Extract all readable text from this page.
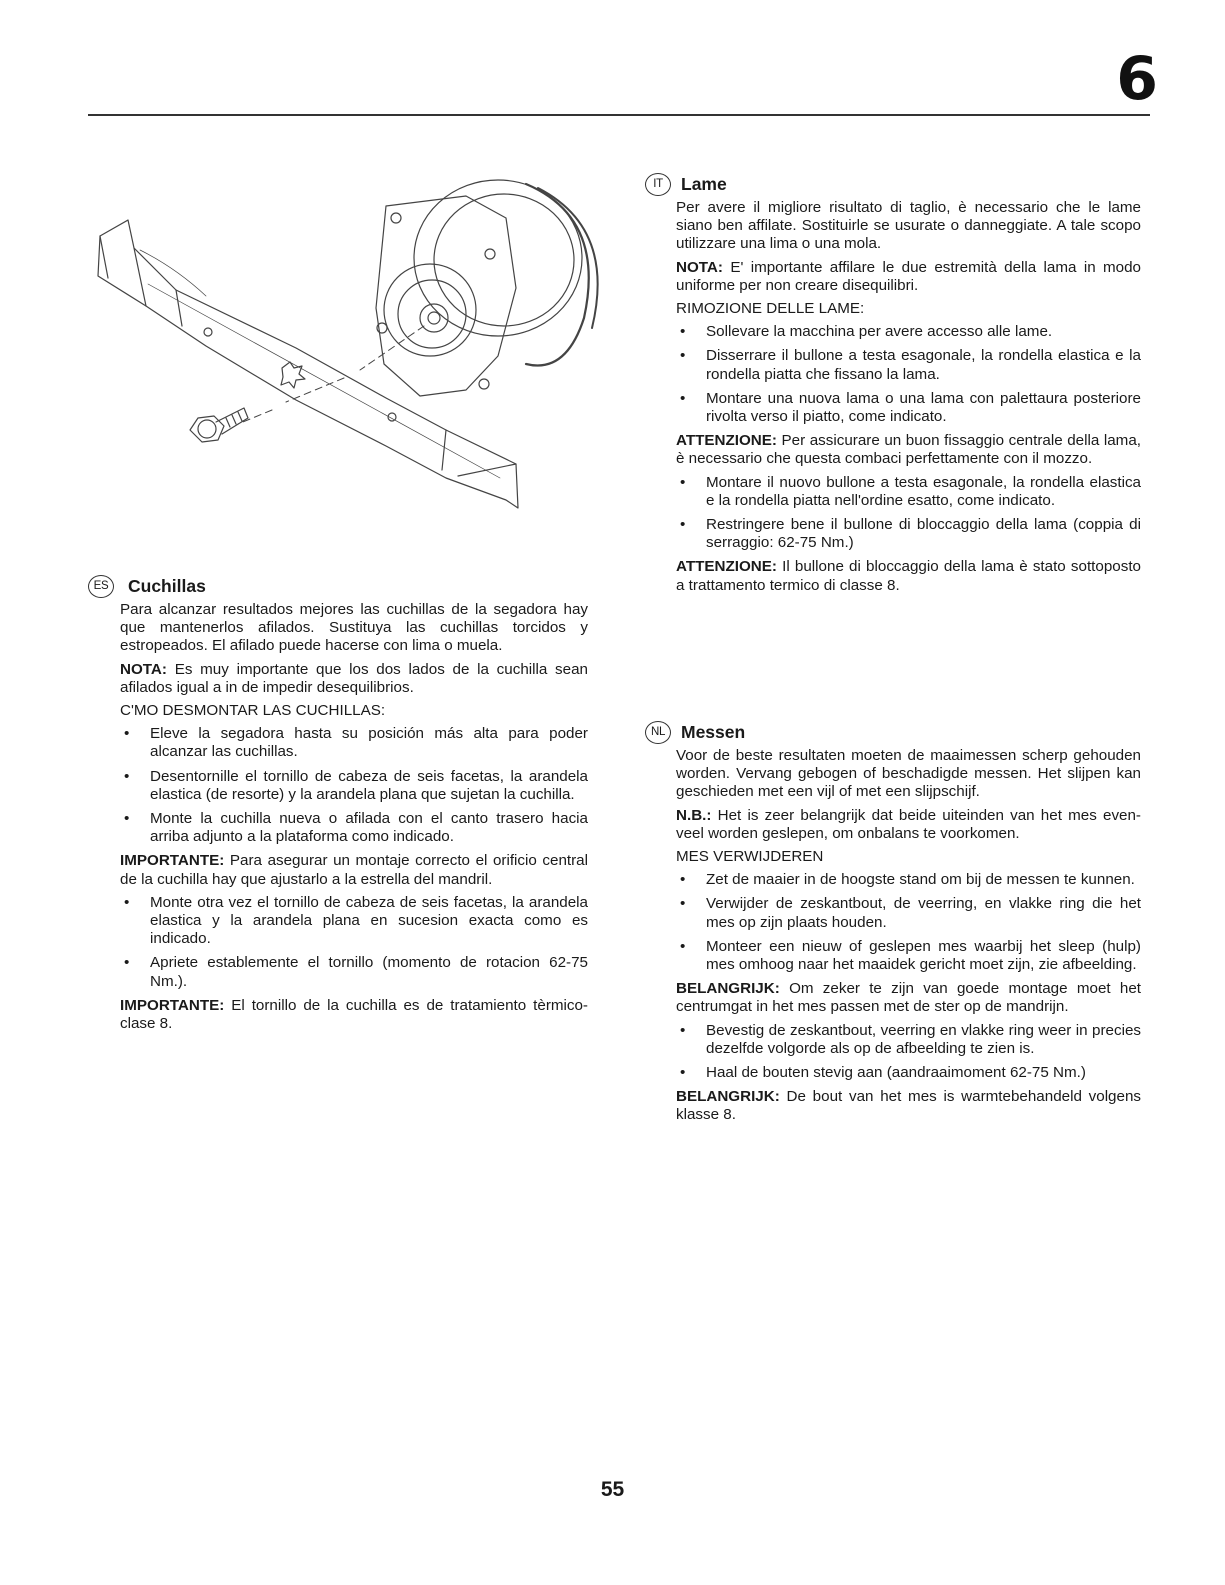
6
ES	Cuchillas

Para alcanzar resultados mejores las cuchillas de la segadora hay que mantenerlos afilados. Sustituya las cuchillas torcidos y estropeados. El afilado puede hacerse con lima o muela.

NOTA: Es muy importante que los dos lados de la cuchilla sean afilados igual a in de impedir desequilibrios.

C'MO DESMONTAR LAS CUCHILLAS:

• Eleve la segadora hasta su posición más alta para poder alcanzar las cuchillas.
• Desentornille el tornillo de cabeza de seis facetas, la arandela elastica (de resorte) y la arandela plana que sujetan la cuchilla.
• Monte la cuchilla nueva o afilada con el canto trasero hacia arriba adjunto a la plataforma como indicado.

IMPORTANTE: Para asegurar un montaje correcto el orificio central de la cuchilla hay que ajustarlo a la estrella del mandril.

• Monte otra vez el tornillo de cabeza de seis facetas, la arandela elastica y la arandela plana en sucesion exacta como es indicado.
• Apriete establemente el tornillo (momento de rotacion 62-75 Nm.).

IMPORTANTE: El tornillo de la cuchilla es de tratamiento tèrmico-clase 8.

IT	Lame

Per avere il migliore risultato di taglio, è necessario che le lame siano ben affilate. Sostituirle se usurate o danneggiate. A tale scopo utilizzare una lima o una mola.

NOTA: E' importante affilare le due estremità della lama in modo uniforme per non creare disequilibri.

RIMOZIONE DELLE LAME:

• Sollevare la macchina per avere accesso alle lame.
• Disserrare il bullone a testa esagonale, la rondella elastica e la rondella piatta che fissano la lama.
• Montare una nuova lama o una lama con palettaura posteriore rivolta verso il piatto, come indicato.

ATTENZIONE: Per assicurare un buon fissaggio centrale della lama, è necessario che questa combaci perfettamente con il mozzo.

• Montare il nuovo bullone a testa esagonale, la rondella elastica e la rondella piatta nell'ordine esatto, come indicato.
• Restringere bene il bullone di bloccaggio della lama (coppia di serraggio: 62-75 Nm.)

ATTENZIONE: Il bullone di bloccaggio della lama è stato sottoposto a trattamento termico di classe 8.

NL Messen

Voor de beste resultaten moeten de maaimessen scherp gehouden worden. Vervang gebogen of beschadigde messen. Het slijpen kan geschieden met een vijl of met een slijpschijf.

N.B.: Het is zeer belangrijk dat beide uiteinden van het mes even-veel worden geslepen, om onbalans te voorkomen.

MES VERWIJDEREN

• Zet de maaier in de hoogste stand om bij de messen te kunnen.
• Verwijder de zeskantbout, de veerring, en vlakke ring die het mes op zijn plaats houden.
• Monteer een nieuw of geslepen mes waarbij het sleep (hulp) mes omhoog naar het maaidek gericht moet zijn, zie afbeelding.

BELANGRIJK: Om zeker te zijn van goede montage moet het centrumgat in het mes passen met de ster op de mandrijn.

• Bevestig de zeskantbout, veerring en vlakke ring weer in precies dezelfde volgorde als op de afbeelding te zien is.
• Haal de bouten stevig aan (aandraaimoment 62-75 Nm.)

BELANGRIJK: De bout van het mes is warmtebehandeld volgens klasse 8.

55
